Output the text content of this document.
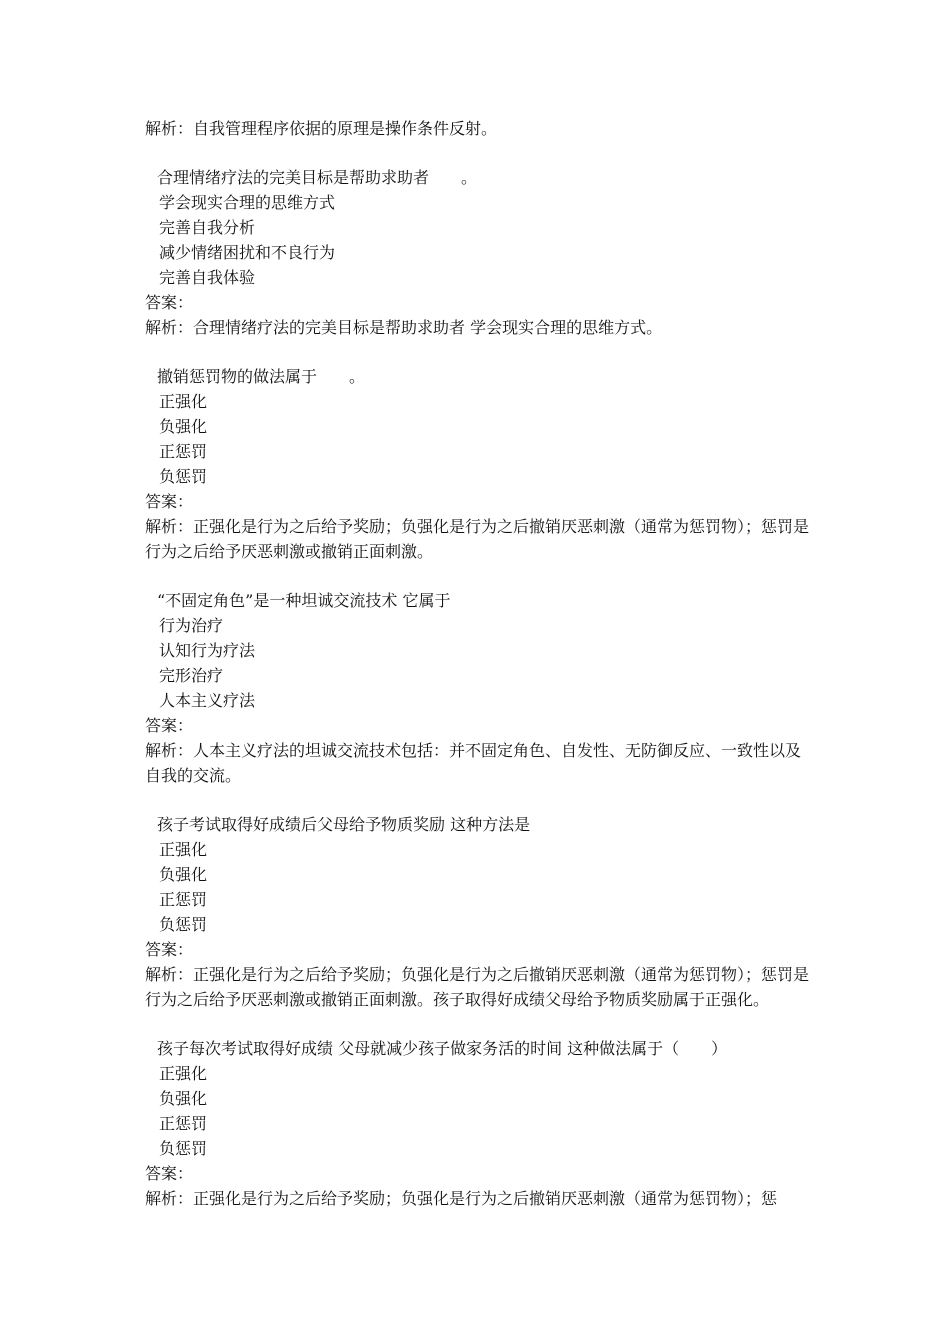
解析：自我管理程序依据的原理是操作条件反射。
合理情绪疗法的完美目标是帮助求助者　　。
学会现实合理的思维方式
完善自我分析
减少情绪困扰和不良行为
完善自我体验
答案：
解析：合理情绪疗法的完美目标是帮助求助者 学会现实合理的思维方式。
撤销惩罚物的做法属于　　。
正强化
负强化
正惩罚
负惩罚
答案：
解析：正强化是行为之后给予奖励；负强化是行为之后撤销厌恶刺激（通常为惩罚物）；惩罚是行为之后给予厌恶刺激或撤销正面刺激。
“不固定角色”是一种坦诚交流技术 它属于
行为治疗
认知行为疗法
完形治疗
人本主义疗法
答案：
解析：人本主义疗法的坦诚交流技术包括：并不固定角色、自发性、无防御反应、一致性以及自我的交流。
孩子考试取得好成绩后父母给予物质奖励 这种方法是
正强化
负强化
正惩罚
负惩罚
答案：
解析：正强化是行为之后给予奖励；负强化是行为之后撤销厌恶刺激（通常为惩罚物）；惩罚是行为之后给予厌恶刺激或撤销正面刺激。孩子取得好成绩父母给予物质奖励属于正强化。
孩子每次考试取得好成绩 父母就减少孩子做家务活的时间 这种做法属于（　　）
正强化
负强化
正惩罚
负惩罚
答案：
解析：正强化是行为之后给予奖励；负强化是行为之后撤销厌恶刺激（通常为惩罚物）；惩
